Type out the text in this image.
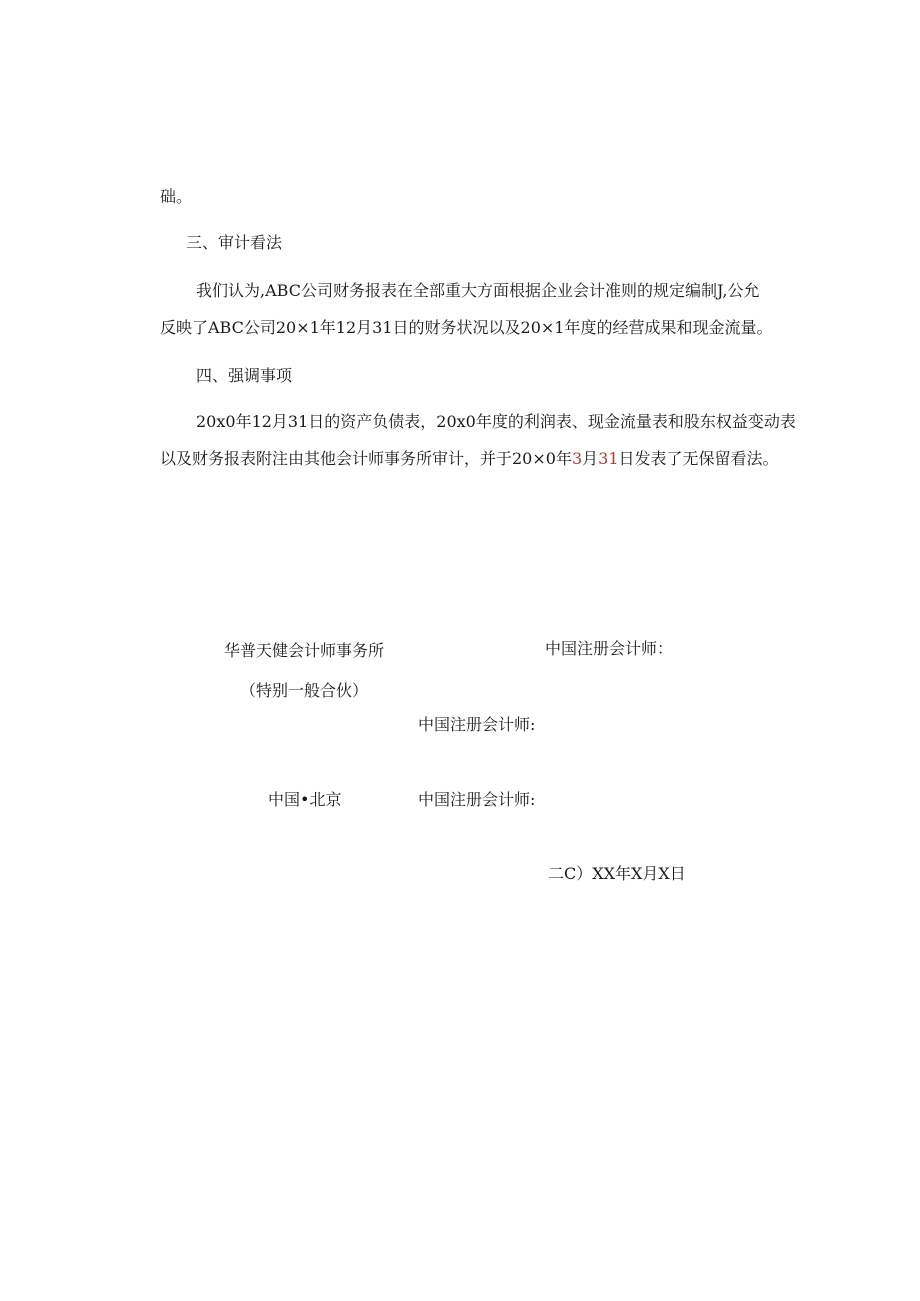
础。
三、审计看法
我们认为,ABC公司财务报表在全部重大方面根据企业会计准则的规定编制J,公允
反映了ABC公司20×1年12月31日的财务状况以及20×1年度的经营成果和现金流量。
四、强调事项
20x0年12月31日的资产负债表，20x0年度的利润表、现金流量表和股东权益变动表
以及财务报表附注由其他会计师事务所审计，并于20×0年3月31日发表了无保留看法。
华普天健会计师事务所	中国注册会计师：
（特别一般合伙）
中国注册会计师:
中国•北京	中国注册会计师:
二C）XX年X月X日
